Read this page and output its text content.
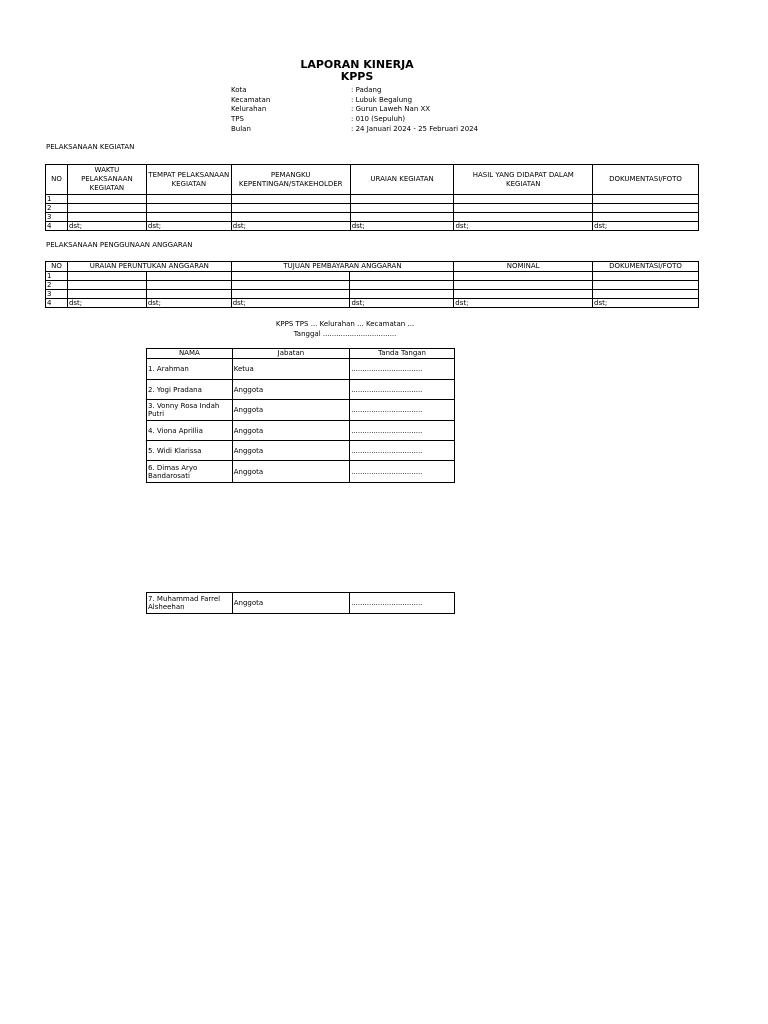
LAPORAN KINERJA
KPPS
Kota	: Padang
Kecamatan	: Lubuk Begalung
Kelurahan	: Gurun Laweh Nan XX
TPS	: 010 (Sepuluh)
Bulan	: 24 Januari 2024 - 25 Februari 2024
PELAKSANAAN KEGIATAN
NO	WAKTU PELAKSANAAN KEGIATAN	TEMPAT PELAKSANAAN KEGIATAN	PEMANGKU KEPENTINGAN/STAKEHOLDER	URAIAN KEGIATAN	HASIL YANG DIDAPAT DALAM KEGIATAN	DOKUMENTASI/FOTO
1						
2						
3						
4	dst;	dst;	dst;	dst;	dst;	dst;
PELAKSANAAN PENGGUNAAN ANGGARAN
NO	URAIAN PERUNTUKAN ANGGARAN		TUJUAN PEMBAYARAN ANGGARAN		NOMINAL	DOKUMENTASI/FOTO
1						
2						
3						
4	dst;	dst;	dst;	dst;	dst;	dst;
KPPS TPS ... Kelurahan ... Kecamatan ...
Tanggal .................................
NAMA	Jabatan	Tanda Tangan
1. Arahman	Ketua	................................
2. Yogi Pradana	Anggota	................................
3. Vonny Rosa Indah Putri	Anggota	................................
4. Viona Aprillia	Anggota	................................
5. Widi Klarissa	Anggota	................................
6. Dimas Aryo Bandarosati	Anggota	................................
7. Muhammad Farrel Alsheehan	Anggota	................................
